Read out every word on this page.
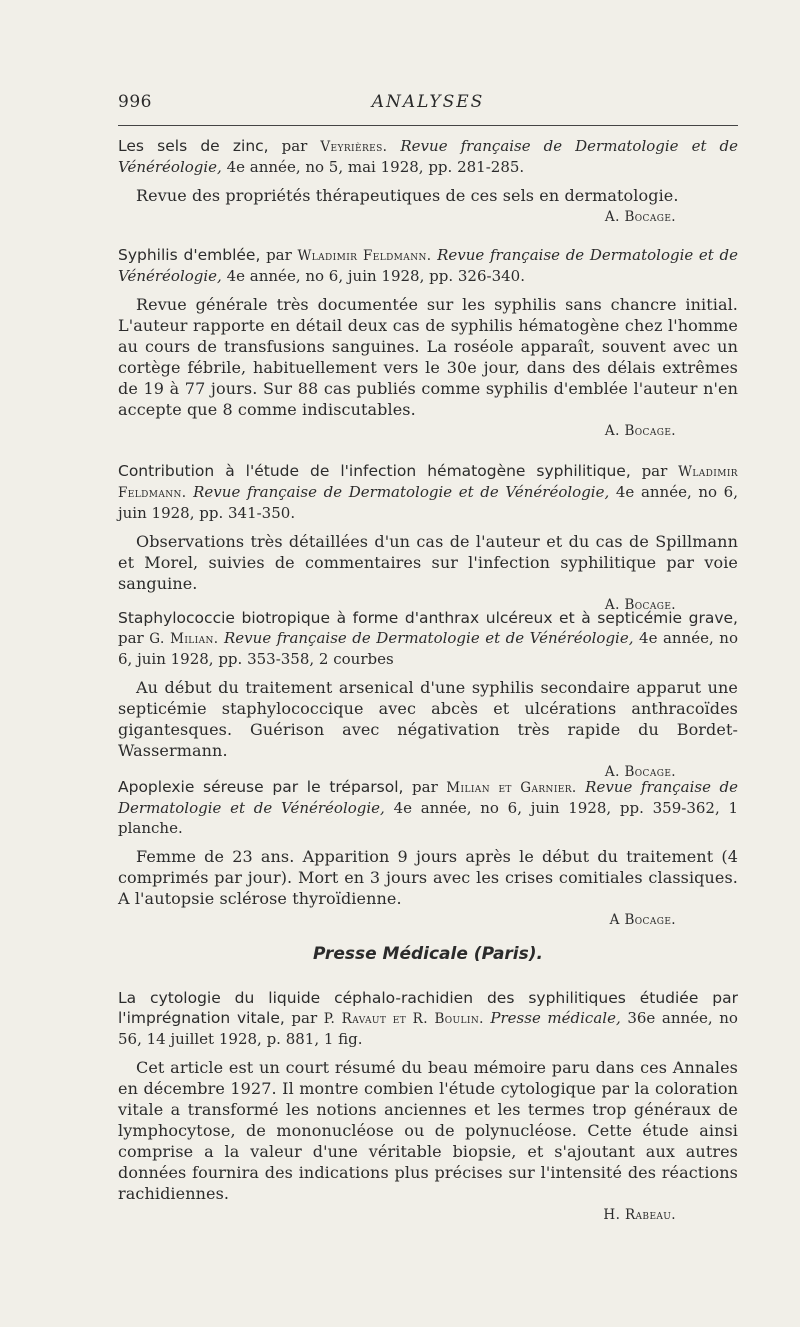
996	ANALYSES

Les sels de zinc, par Veyrières. Revue française de Dermatologie et de Vénéréologie, 4e année, no 5, mai 1928, pp. 281-285.

Revue des propriétés thérapeutiques de ces sels en dermatologie.

A. Bocage.

Syphilis d'emblée, par Wladimir Feldmann. Revue française de Dermatologie et de Vénéréologie, 4e année, no 6, juin 1928, pp. 326-340.

Revue générale très documentée sur les syphilis sans chancre initial. L'auteur rapporte en détail deux cas de syphilis hématogène chez l'homme au cours de transfusions sanguines. La roséole apparaît, souvent avec un cortège fébrile, habituellement vers le 30e jour, dans des délais extrêmes de 19 à 77 jours. Sur 88 cas publiés comme syphilis d'emblée l'auteur n'en accepte que 8 comme indiscutables.

A. Bocage.

Contribution à l'étude de l'infection hématogène syphilitique, par Wladimir Feldmann. Revue française de Dermatologie et de Vénéréologie, 4e année, no 6, juin 1928, pp. 341-350.

Observations très détaillées d'un cas de l'auteur et du cas de Spillmann et Morel, suivies de commentaires sur l'infection syphilitique par voie sanguine.

A. Bocage.

Staphylococcie biotropique à forme d'anthrax ulcéreux et à septicémie grave, par G. Milian. Revue française de Dermatologie et de Vénéréologie, 4e année, no 6, juin 1928, pp. 353-358, 2 courbes

Au début du traitement arsenical d'une syphilis secondaire apparut une septicémie staphylococcique avec abcès et ulcérations anthracoïdes gigantesques. Guérison avec négativation très rapide du Bordet-Wassermann.

A. Bocage.

Apoplexie séreuse par le tréparsol, par Milian et Garnier. Revue française de Dermatologie et de Vénéréologie, 4e année, no 6, juin 1928, pp. 359-362, 1 planche.

Femme de 23 ans. Apparition 9 jours après le début du traitement (4 comprimés par jour). Mort en 3 jours avec les crises comitiales classiques. A l'autopsie sclérose thyroïdienne.

A Bocage.

Presse Médicale (Paris).

La cytologie du liquide céphalo-rachidien des syphilitiques étudiée par l'imprégnation vitale, par P. Ravaut et R. Boulin. Presse médicale, 36e année, no 56, 14 juillet 1928, p. 881, 1 fig.

Cet article est un court résumé du beau mémoire paru dans ces Annales en décembre 1927. Il montre combien l'étude cytologique par la coloration vitale a transformé les notions anciennes et les termes trop généraux de lymphocytose, de mononucléose ou de polynucléose. Cette étude ainsi comprise a la valeur d'une véritable biopsie, et s'ajoutant aux autres données fournira des indications plus précises sur l'intensité des réactions rachidiennes.

H. Rabeau.
